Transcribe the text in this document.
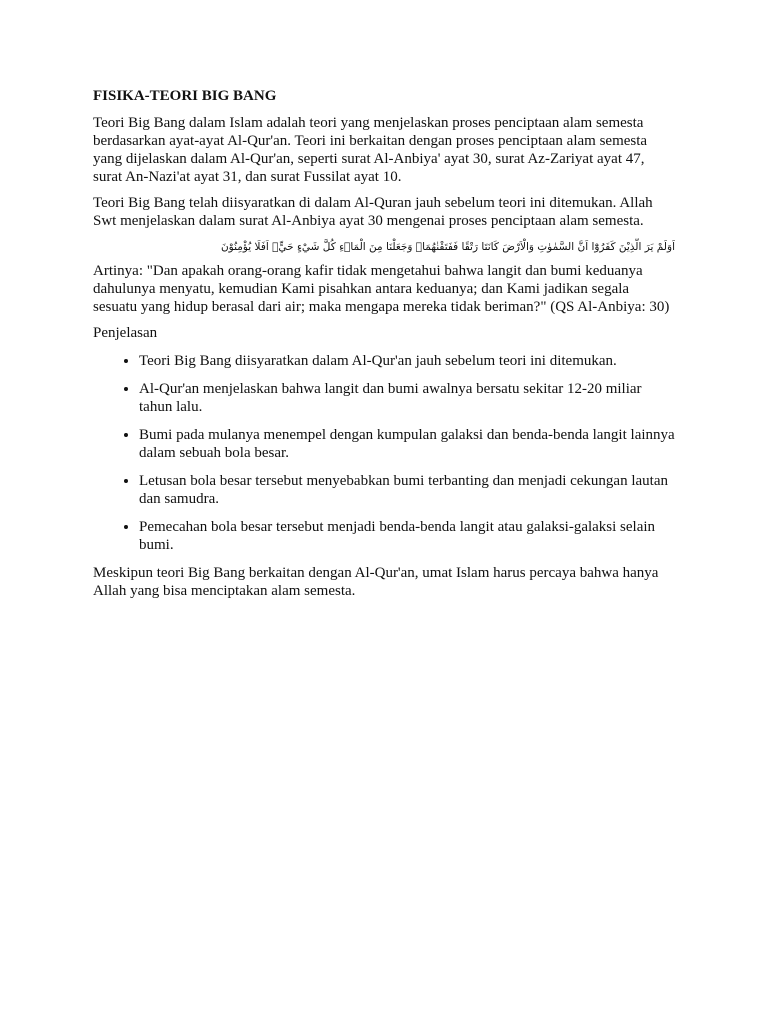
FISIKA-TEORI BIG BANG

Teori Big Bang dalam Islam adalah teori yang menjelaskan proses penciptaan alam semesta berdasarkan ayat-ayat Al-Qur'an. Teori ini berkaitan dengan proses penciptaan alam semesta yang dijelaskan dalam Al-Qur'an, seperti surat Al-Anbiya' ayat 30, surat Az-Zariyat ayat 47, surat An-Nazi'at ayat 31, dan surat Fussilat ayat 10.

Teori Big Bang telah diisyaratkan di dalam Al-Quran jauh sebelum teori ini ditemukan. Allah Swt menjelaskan dalam surat Al-Anbiya ayat 30 mengenai proses penciptaan alam semesta.

اَوَلَمْ يَرَ الَّذِيْنَ كَفَرُوْٓا اَنَّ السَّمٰوٰتِ وَالْاَرْضَ كَانَتَا رَتْقًا فَفَتَقْنٰهُمَاۗ وَجَعَلْنَا مِنَ الْمَاۤءِ كُلَّ شَيْءٍ حَيٍّۗ اَفَلَا يُؤْمِنُوْنَ

Artinya: "Dan apakah orang-orang kafir tidak mengetahui bahwa langit dan bumi keduanya dahulunya menyatu, kemudian Kami pisahkan antara keduanya; dan Kami jadikan segala sesuatu yang hidup berasal dari air; maka mengapa mereka tidak beriman?" (QS Al-Anbiya: 30)

Penjelasan

• Teori Big Bang diisyaratkan dalam Al-Qur'an jauh sebelum teori ini ditemukan.
• Al-Qur'an menjelaskan bahwa langit dan bumi awalnya bersatu sekitar 12-20 miliar tahun lalu.
• Bumi pada mulanya menempel dengan kumpulan galaksi dan benda-benda langit lainnya dalam sebuah bola besar.
• Letusan bola besar tersebut menyebabkan bumi terbanting dan menjadi cekungan lautan dan samudra.
• Pemecahan bola besar tersebut menjadi benda-benda langit atau galaksi-galaksi selain bumi.

Meskipun teori Big Bang berkaitan dengan Al-Qur'an, umat Islam harus percaya bahwa hanya Allah yang bisa menciptakan alam semesta.
